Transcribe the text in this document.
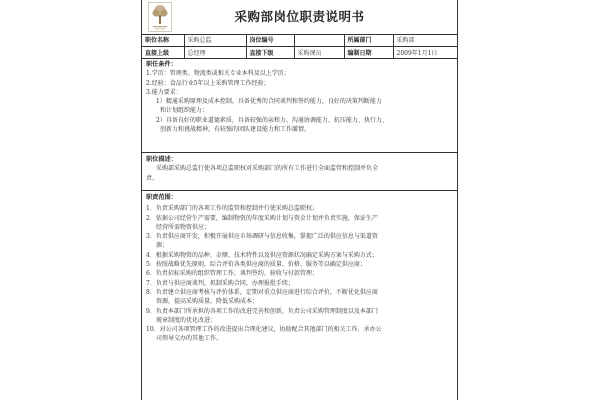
采购部岗位职责说明书
职位名称	采购总监	岗位编号		所属部门	采购部
直接上级	总经理	直接下级	采购课员	编制日期	2009年1月1日
职任条件：
1.学历：管理类、物流类或相关专业本科及以上学历；
2.经验：食品行业5年以上采购管理工作经验；
3.能力要求：
1）精通采购原理及成本控制，具备优秀的合同谈判和签约能力，良好的决策判断能力
和计划组织能力；
2）具备良好的职业道德素质，具备较强的亲和力、沟通协调能力、抗压能力、执行力、
创新力和挑战精神，有较强的团队建设能力和工作激情。
职位描述：
采购部采购总监行使各项总监职权对采购部门的所有工作进行全面监管和控制并负全
责。
职责范围：
1．负责采购部门的各项工作的监管和控制并行使采购总监职权；
2．依据公司经营生产需要，编制物资的年度采购计划与资金计划并负责实施，保证生产
经营所需物资供应；
3．负责供应商开发，积极开展供应市场调研与信息收集，掌握广泛的供应信息与渠道资
源；
4．根据采购物资的品种、金额、技术特性以及供应资源状况确定采购方案与采购方式；
5．按照战略优先原则，综合评价各类供应商的质量、价格、服务等以确定供应商；
6．负责招标采购的组织管理工作，谈判签约、验收与付款管理；
7．负责与供应商谈判，拟制采购合同，办理报批手续；
8．负责建立供应商考核与评价体系，定期对重点供应商进行综合评价，不断优化供应商
资源，提高采购质量，降低采购成本；
9．负责本部门所承担的各项工作的改进完善和创新，负责公司采购管理制度以及本部门
规章制度的优化改进；
10．对公司各项管理工作的改进提出合理化建议，协助配合其他部门的相关工作，承办公
司领导交办的其他工作。
